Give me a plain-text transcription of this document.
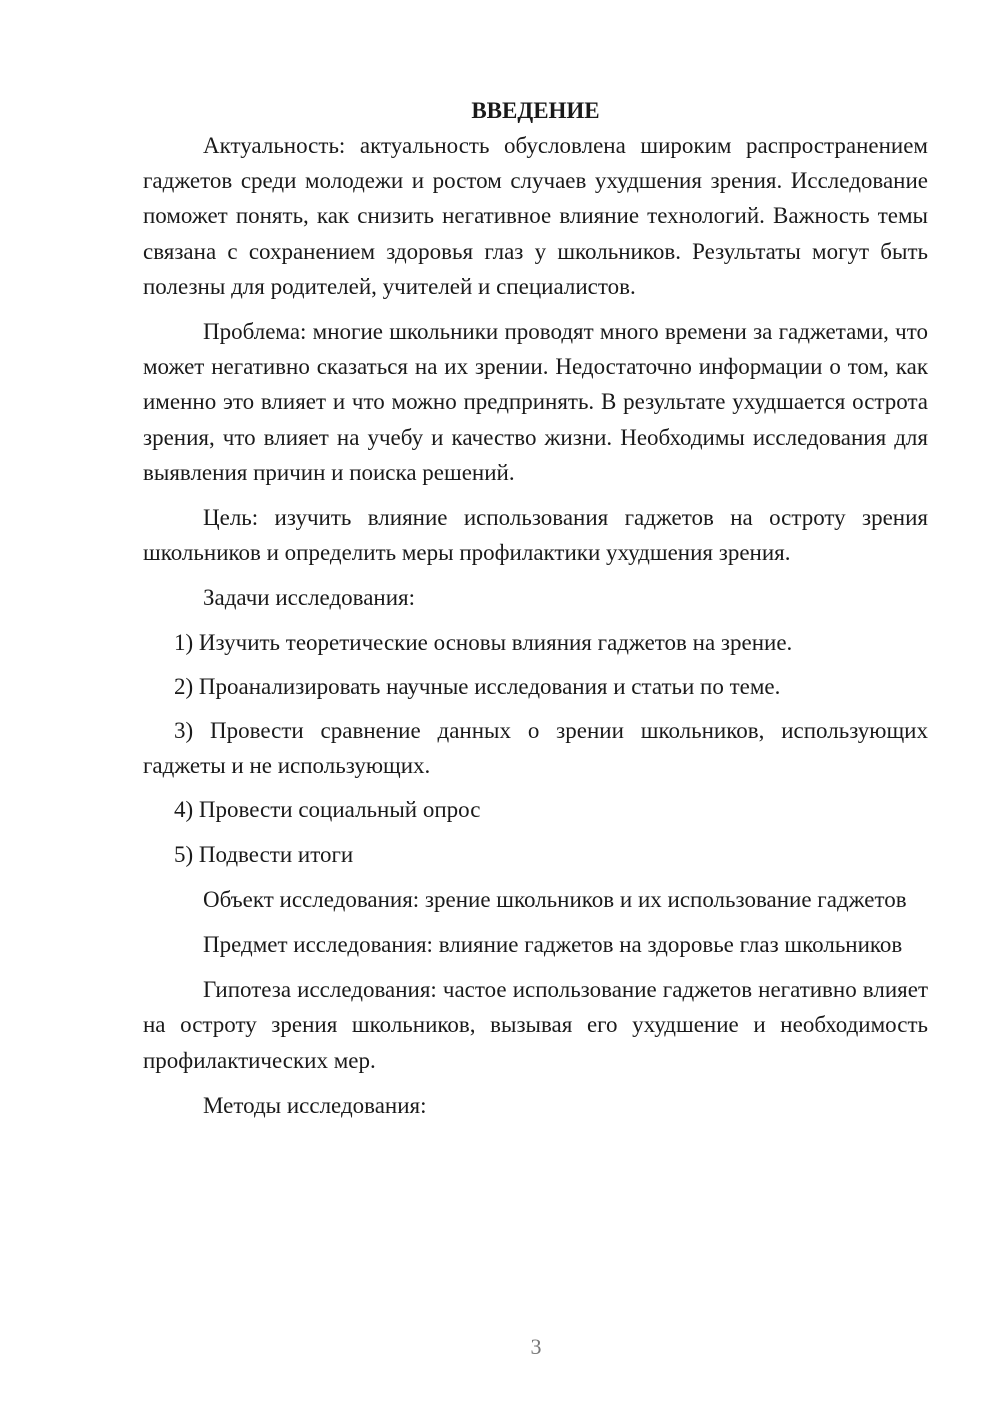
ВВЕДЕНИЕ

Актуальность: актуальность обусловлена широким распространением гаджетов среди молодежи и ростом случаев ухудшения зрения. Исследование поможет понять, как снизить негативное влияние технологий. Важность темы связана с сохранением здоровья глаз у школьников. Результаты могут быть полезны для родителей, учителей и специалистов.

Проблема: многие школьники проводят много времени за гаджетами, что может негативно сказаться на их зрении. Недостаточно информации о том, как именно это влияет и что можно предпринять. В результате ухудшается острота зрения, что влияет на учебу и качество жизни. Необходимы исследования для выявления причин и поиска решений.

Цель: изучить влияние использования гаджетов на остроту зрения школьников и определить меры профилактики ухудшения зрения.

Задачи исследования:

1) Изучить теоретические основы влияния гаджетов на зрение.

2) Проанализировать научные исследования и статьи по теме.

3) Провести сравнение данных о зрении школьников, использующих гаджеты и не использующих.

4) Провести социальный опрос

5) Подвести итоги

Объект исследования: зрение школьников и их использование гаджетов

Предмет исследования: влияние гаджетов на здоровье глаз школьников

Гипотеза исследования: частое использование гаджетов негативно влияет на остроту зрения школьников, вызывая его ухудшение и необходимость профилактических мер.

Методы исследования:

3
